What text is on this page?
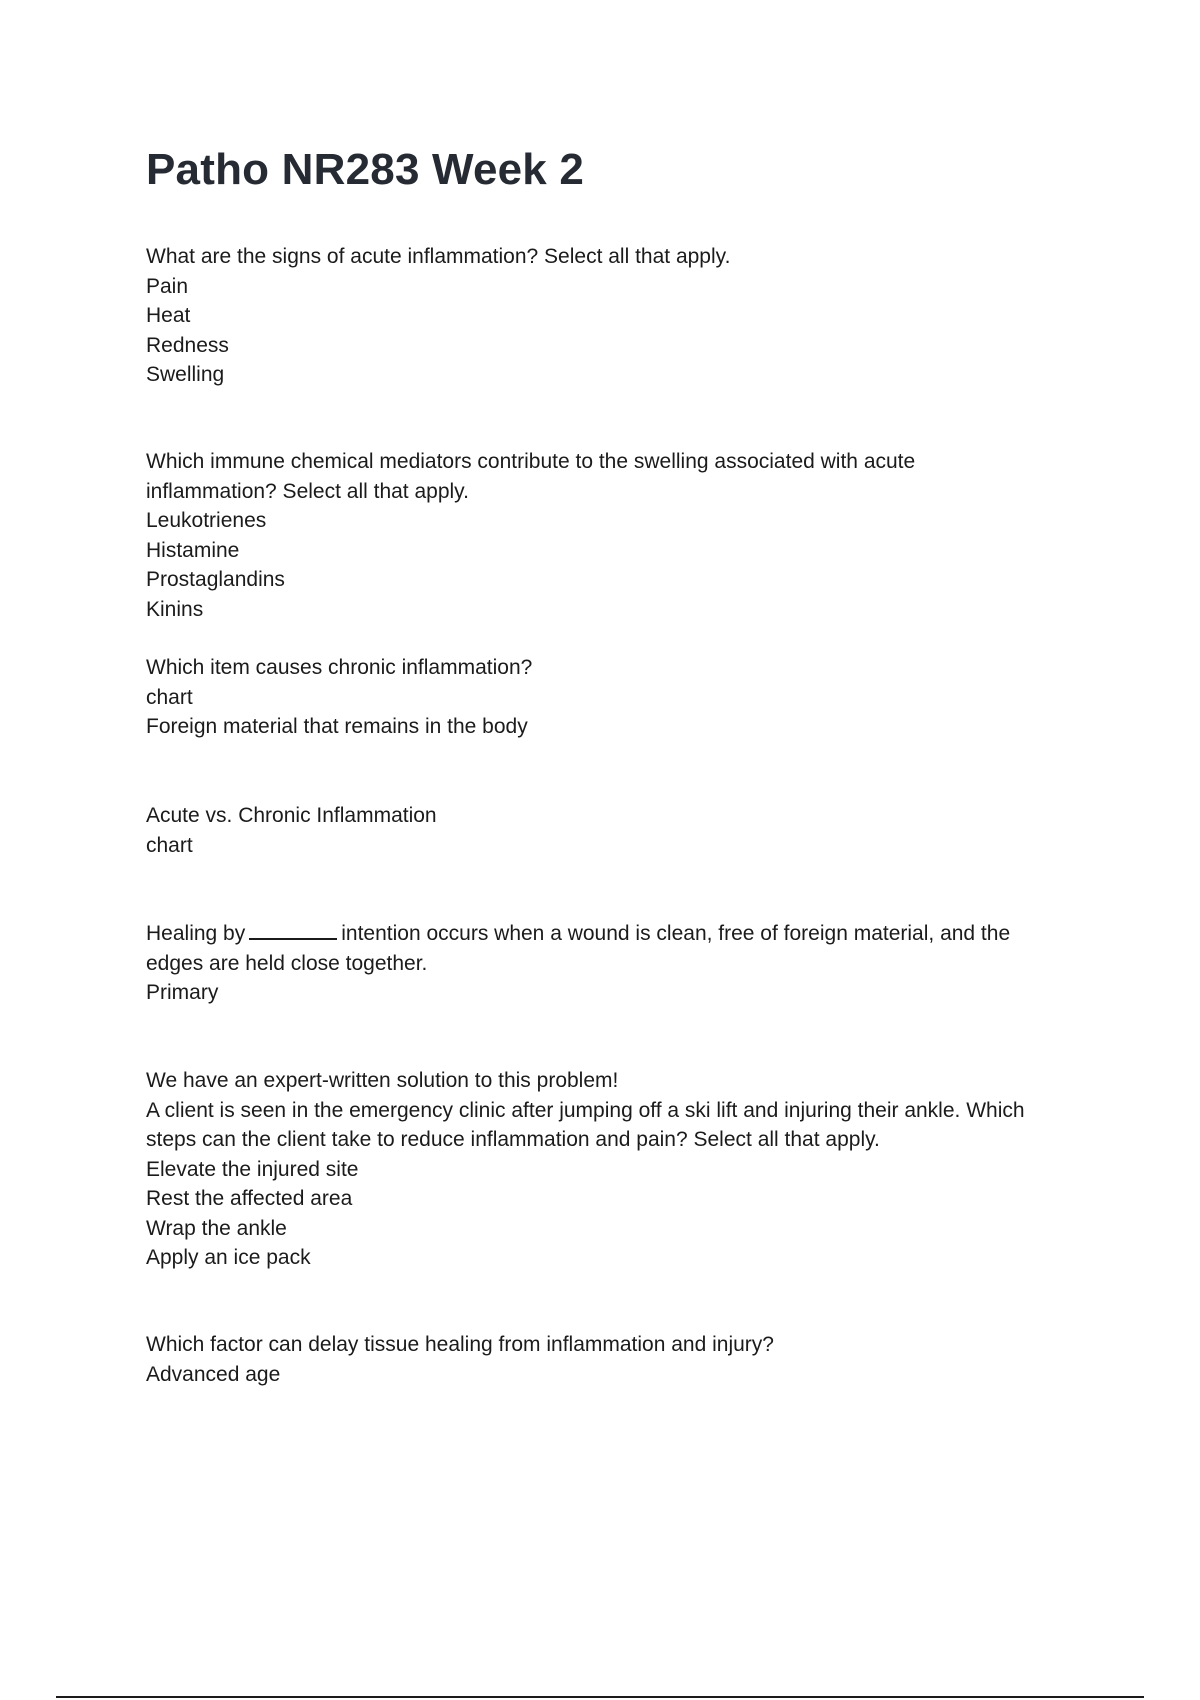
Patho NR283 Week 2
What are the signs of acute inflammation? Select all that apply.
Pain
Heat
Redness
Swelling
Which immune chemical mediators contribute to the swelling associated with acute
inflammation? Select all that apply.
Leukotrienes
Histamine
Prostaglandins
Kinins
Which item causes chronic inflammation?
chart
Foreign material that remains in the body
Acute vs. Chronic Inflammation
chart
Healing by	intention occurs when a wound is clean, free of foreign material, and the
edges are held close together.
Primary
We have an expert-written solution to this problem!
A client is seen in the emergency clinic after jumping off a ski lift and injuring their ankle. Which
steps can the client take to reduce inflammation and pain? Select all that apply.
Elevate the injured site
Rest the affected area
Wrap the ankle
Apply an ice pack
Which factor can delay tissue healing from inflammation and injury?
Advanced age
